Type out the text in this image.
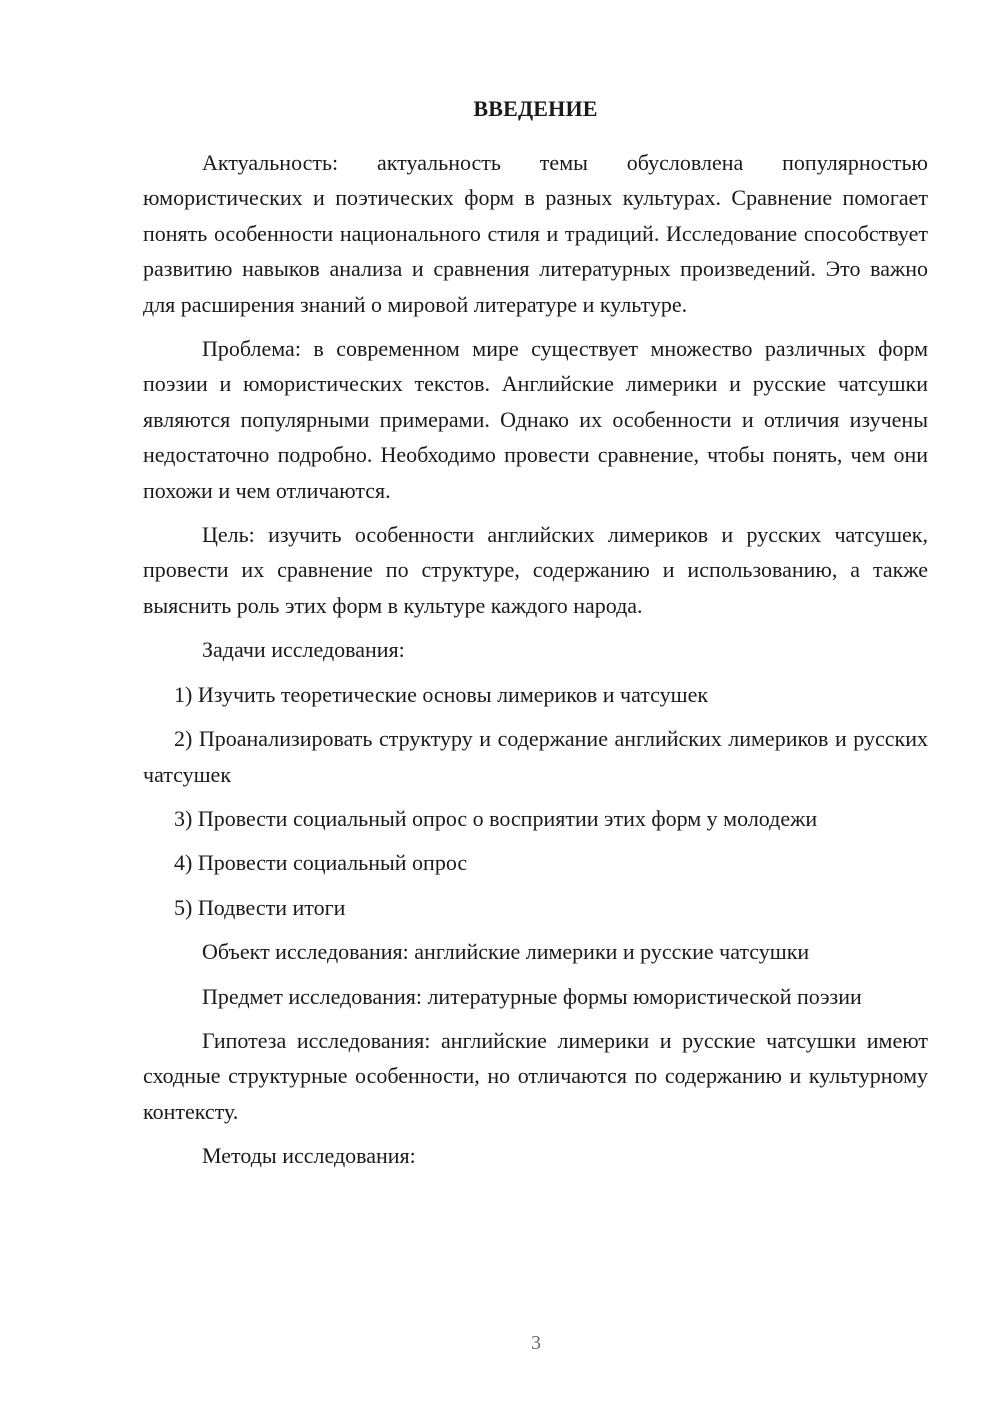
ВВЕДЕНИЕ

Актуальность: актуальность темы обусловлена популярностью юмористических и поэтических форм в разных культурах. Сравнение помогает понять особенности национального стиля и традиций. Исследование способствует развитию навыков анализа и сравнения литературных произведений. Это важно для расширения знаний о мировой литературе и культуре.

Проблема: в современном мире существует множество различных форм поэзии и юмористических текстов. Английские лимерики и русские чатсушки являются популярными примерами. Однако их особенности и отличия изучены недостаточно подробно. Необходимо провести сравнение, чтобы понять, чем они похожи и чем отличаются.

Цель: изучить особенности английских лимериков и русских чатсушек, провести их сравнение по структуре, содержанию и использованию, а также выяснить роль этих форм в культуре каждого народа.

Задачи исследования:

1) Изучить теоретические основы лимериков и чатсушек

2) Проанализировать структуру и содержание английских лимериков и русских чатсушек

3) Провести социальный опрос о восприятии этих форм у молодежи

4) Провести социальный опрос

5) Подвести итоги

Объект исследования: английские лимерики и русские чатсушки

Предмет исследования: литературные формы юмористической поэзии

Гипотеза исследования: английские лимерики и русские чатсушки имеют сходные структурные особенности, но отличаются по содержанию и культурному контексту.

Методы исследования:

3
